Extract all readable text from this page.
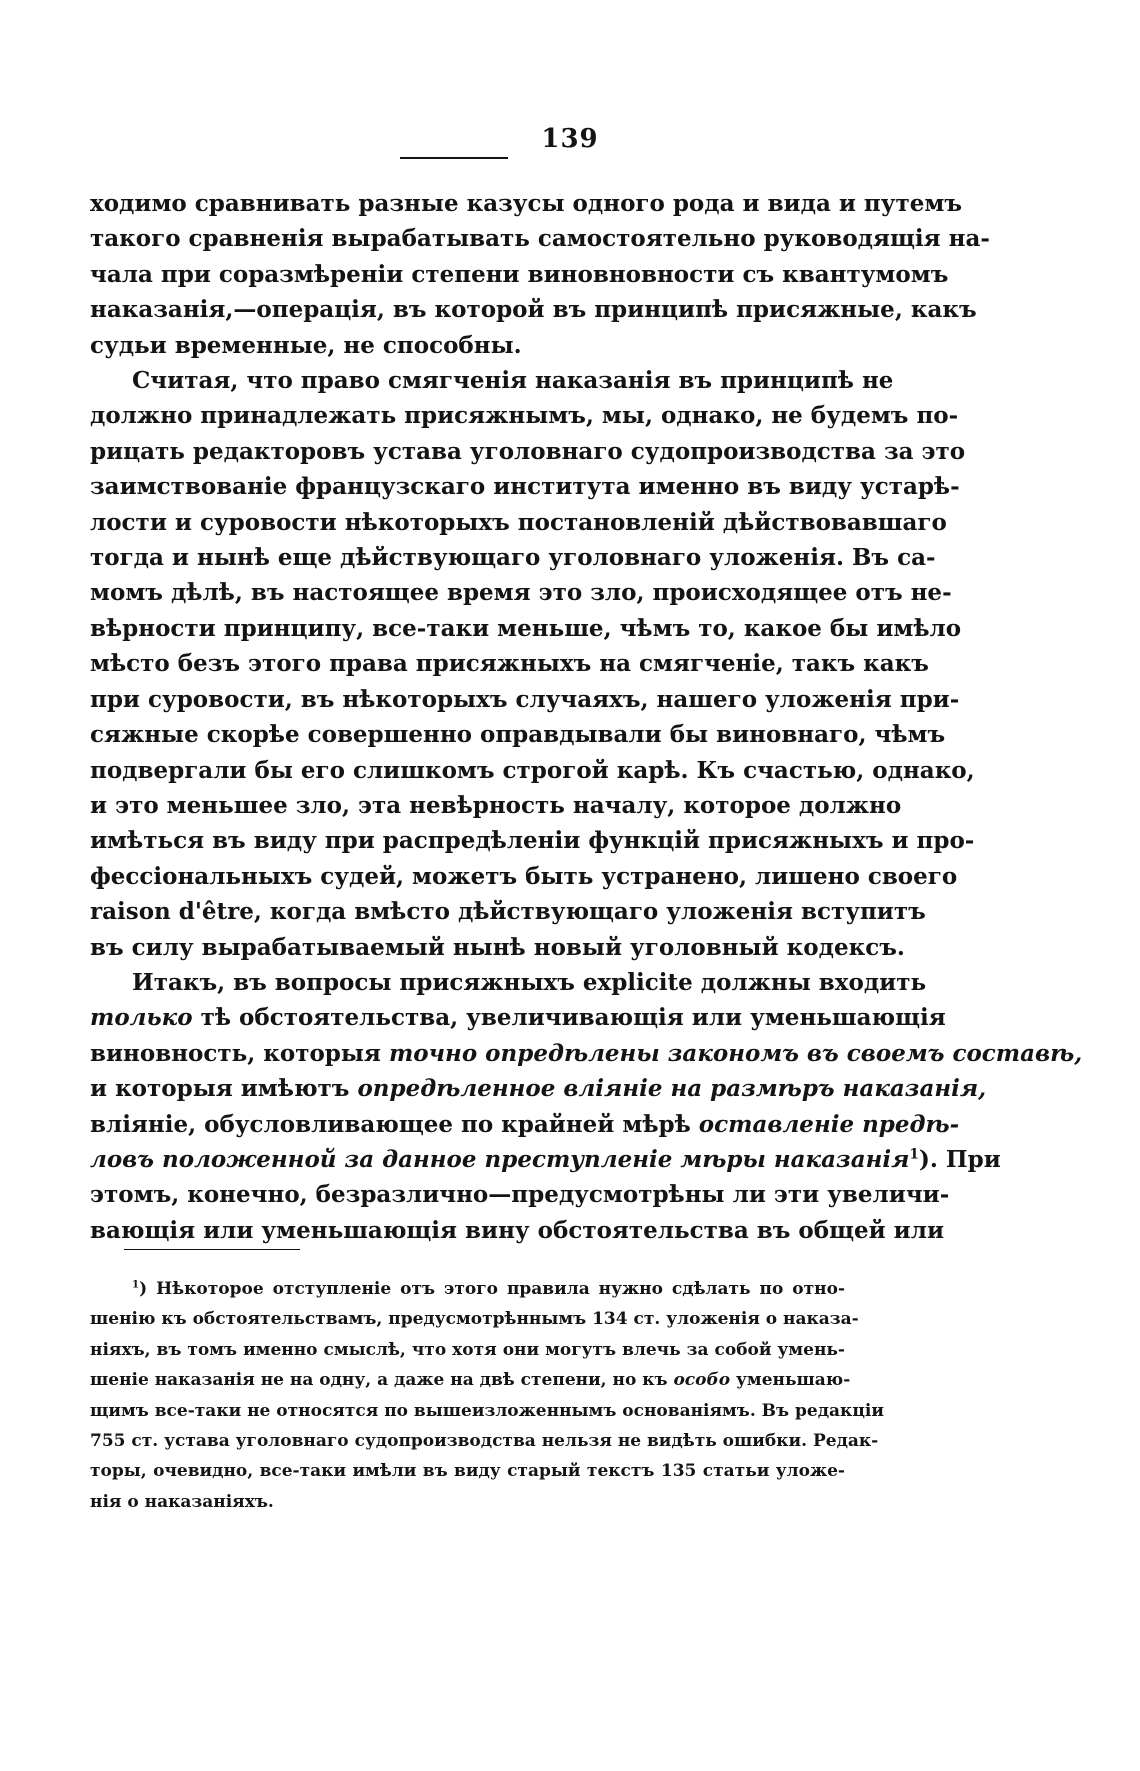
139

ходимо сравнивать разные казусы одного рода и вида и путемъ

такого сравненія вырабатывать самостоятельно руководящія на-

чала при соразмѣреніи степени виновновности съ квантумомъ

наказанія,—операція, въ которой въ принципѣ присяжные, какъ

судьи временные, не способны.

Считая, что право смягченія наказанія въ принципѣ не

должно принадлежать присяжнымъ, мы, однако, не будемъ по-

рицать редакторовъ устава уголовнаго судопроизводства за это

заимствованіе французскаго института именно въ виду устарѣ-

лости и суровости нѣкоторыхъ постановленій дѣйствовавшаго

тогда и нынѣ еще дѣйствующаго уголовнаго уложенія. Въ са-

момъ дѣлѣ, въ настоящее время это зло, происходящее отъ не-

вѣрности принципу, все-таки меньше, чѣмъ то, какое бы имѣло

мѣсто безъ этого права присяжныхъ на смягченіе, такъ какъ

при суровости, въ нѣкоторыхъ случаяхъ, нашего уложенія при-

сяжные скорѣе совершенно оправдывали бы виновнаго, чѣмъ

подвергали бы его слишкомъ строгой карѣ. Къ счастью, однако,

и это меньшее зло, эта невѣрность началу, которое должно

имѣться въ виду при распредѣленіи функцій присяжныхъ и про-

фессіональныхъ судей, можетъ быть устранено, лишено своего

raison d'être, когда вмѣсто дѣйствующаго уложенія вступитъ

въ силу вырабатываемый нынѣ новый уголовный кодексъ.

Итакъ, въ вопросы присяжныхъ explicite должны входить

только тѣ обстоятельства, увеличивающія или уменьшающія

виновность, которыя точно опредѣлены закономъ въ своемъ составѣ,

и которыя имѣютъ опредѣленное вліяніе на размѣръ наказанія,

вліяніе, обусловливающее по крайней мѣрѣ оставленіе предѣ-

ловъ положенной за данное преступленіе мѣры наказанія$^1$). При

этомъ, конечно, безразлично—предусмотрѣны ли эти увеличи-

вающія или уменьшающія вину обстоятельства въ общей или

$^1$) Нѣкоторое отступленіе отъ этого правила нужно сдѣлать по отно-

шенію къ обстоятельствамъ, предусмотрѣннымъ 134 ст. уложенія о наказа-

ніяхъ, въ томъ именно смыслѣ, что хотя они могутъ влечь за собой умень-

шеніе наказанія не на одну, а даже на двѣ степени, но къ особо уменьшаю-

щимъ все-таки не относятся по вышеизложеннымъ основаніямъ. Въ редакціи

755 ст. устава уголовнаго судопроизводства нельзя не видѣть ошибки. Редак-

торы, очевидно, все-таки имѣли въ виду старый текстъ 135 статьи уложе-

нія о наказаніяхъ.
